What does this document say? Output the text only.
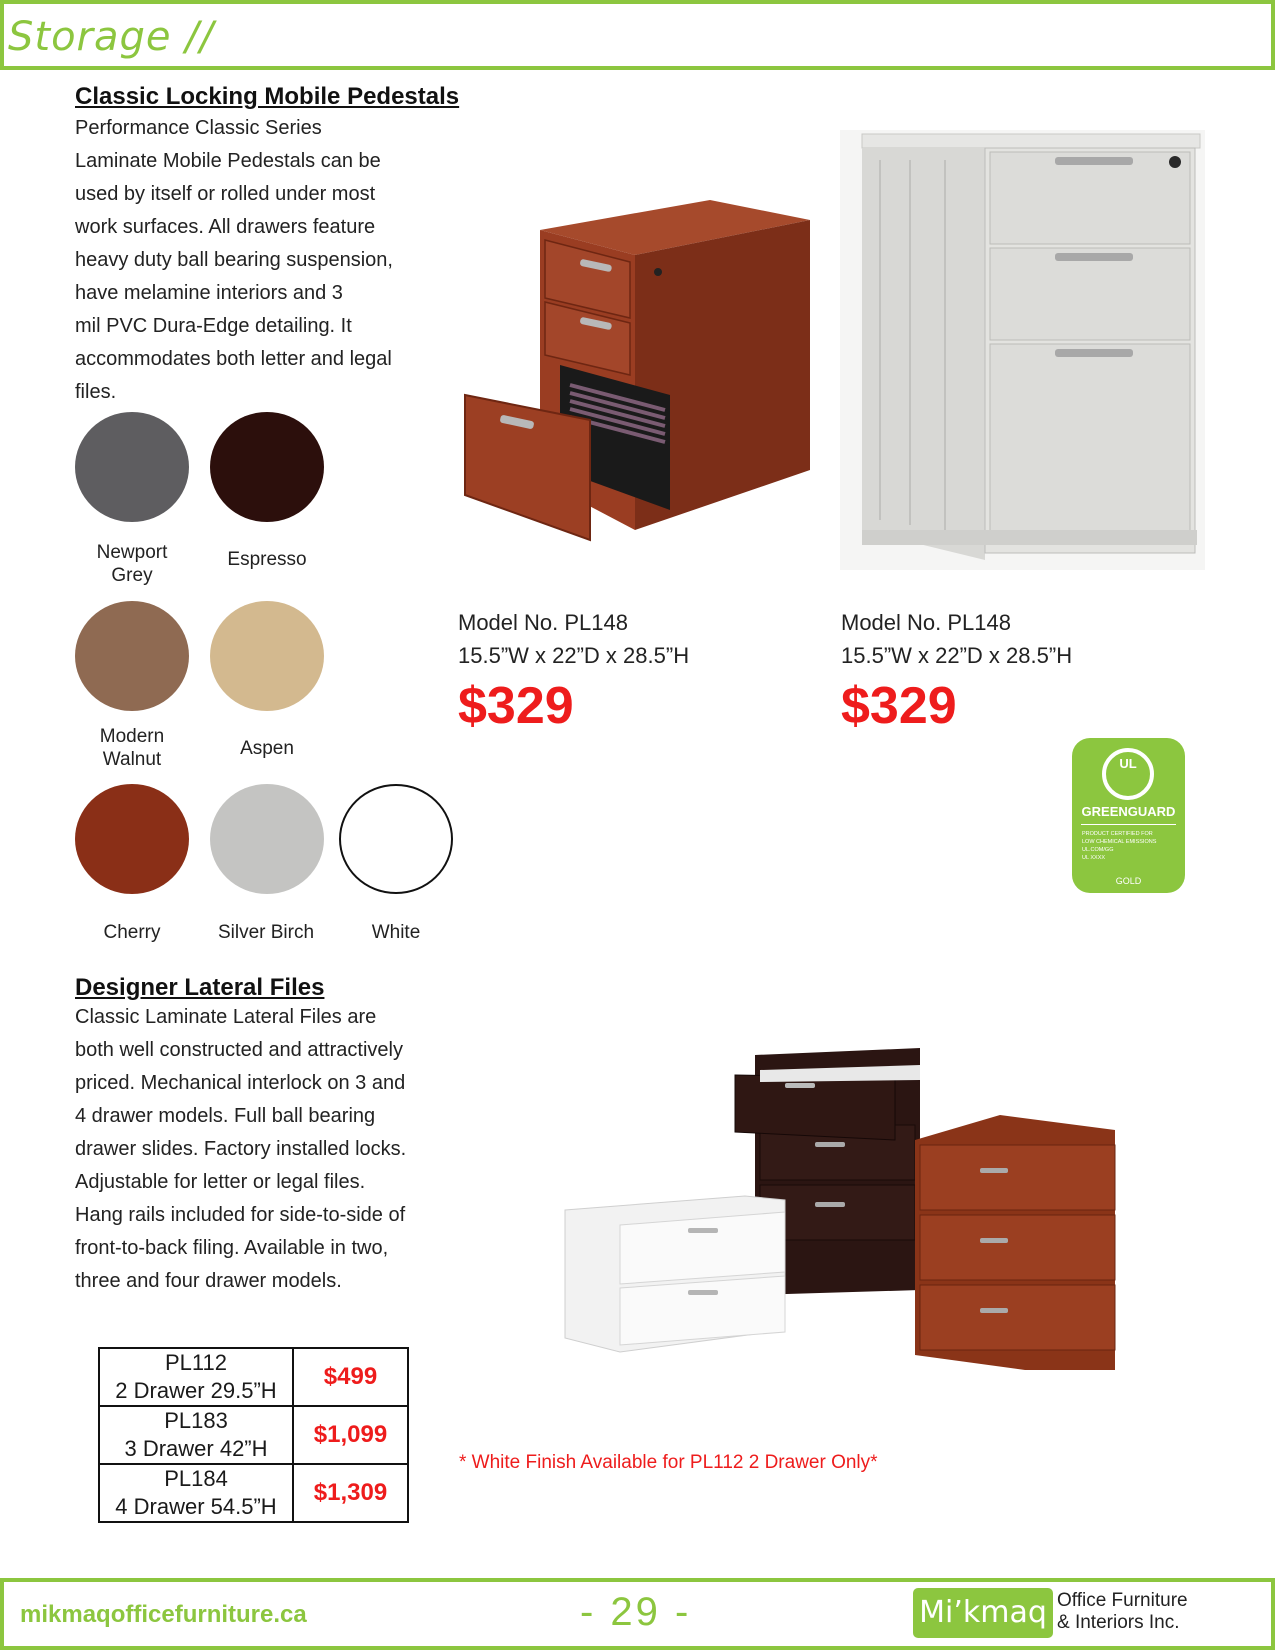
Storage //
Classic Locking Mobile Pedestals
Performance Classic Series
Laminate Mobile Pedestals can be
used by itself or rolled under most
work surfaces. All drawers feature
heavy duty ball bearing suspension,
have melamine interiors and 3
mil PVC Dura-Edge detailing. It
accommodates both letter and legal
files.
Newport
Grey
Espresso
Modern
Walnut
Aspen
Cherry	Silver Birch	White
Model No. PL148
15.5”W x 22”D x 28.5”H
$329
Model No. PL148
15.5”W x 22”D x 28.5”H
$329
UL
GREENGUARD
PRODUCT CERTIFIED FOR
LOW CHEMICAL EMISSIONS
UL.COM/GG
UL XXXX
GOLD
Designer Lateral Files
Classic Laminate Lateral Files are
both well constructed and attractively
priced. Mechanical interlock on 3 and
4 drawer models. Full ball bearing
drawer slides. Factory installed locks.
Adjustable for letter or legal files.
Hang rails included for side-to-side of
front-to-back filing. Available in two,
three and four drawer models.
PL112
2 Drawer 29.5”H	$499

PL183
3 Drawer 42”H	$1,099

PL184
4 Drawer 54.5”H	$1,309
* White Finish Available for PL112 2 Drawer Only*
mikmaqofficefurniture.ca	- 29 -	Mi’kmaq Office Furniture
& Interiors Inc.
